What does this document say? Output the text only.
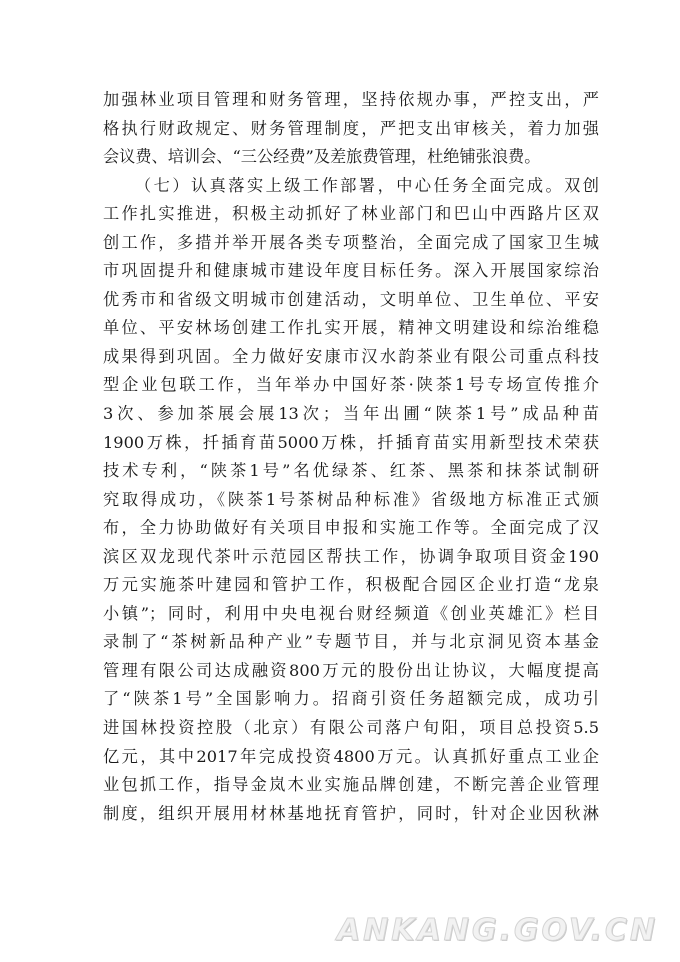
加强林业项目管理和财务管理，坚持依规办事，严控支出，严
格执行财政规定、财务管理制度，严把支出审核关，着力加强
会议费、培训会、“三公经费”及差旅费管理，杜绝铺张浪费。
（七）认真落实上级工作部署，中心任务全面完成。双创
工作扎实推进，积极主动抓好了林业部门和巴山中西路片区双
创工作，多措并举开展各类专项整治，全面完成了国家卫生城
市巩固提升和健康城市建设年度目标任务。深入开展国家综治
优秀市和省级文明城市创建活动，文明单位、卫生单位、平安
单位、平安林场创建工作扎实开展，精神文明建设和综治维稳
成果得到巩固。全力做好安康市汉水韵茶业有限公司重点科技
型企业包联工作，当年举办中国好茶·陕茶1号专场宣传推介
3次、参加茶展会展13次；当年出圃“陕茶1号”成品种苗
1900万株，扦插育苗5000万株，扦插育苗实用新型技术荣获
技术专利，“陕茶1号”名优绿茶、红茶、黑茶和抹茶试制研
究取得成功，《陕茶1号茶树品种标准》省级地方标准正式颁
布，全力协助做好有关项目申报和实施工作等。全面完成了汉
滨区双龙现代茶叶示范园区帮扶工作，协调争取项目资金190
万元实施茶叶建园和管护工作，积极配合园区企业打造“龙泉
小镇”；同时，利用中央电视台财经频道《创业英雄汇》栏目
录制了“茶树新品种产业”专题节目，并与北京洞见资本基金
管理有限公司达成融资800万元的股份出让协议，大幅度提高
了“陕茶1号”全国影响力。招商引资任务超额完成，成功引
进国林投资控股（北京）有限公司落户旬阳，项目总投资5.5
亿元，其中2017年完成投资4800万元。认真抓好重点工业企
业包抓工作，指导金岚木业实施品牌创建，不断完善企业管理
制度，组织开展用材林基地抚育管护，同时，针对企业因秋淋
ANKANG.GOV.CN
